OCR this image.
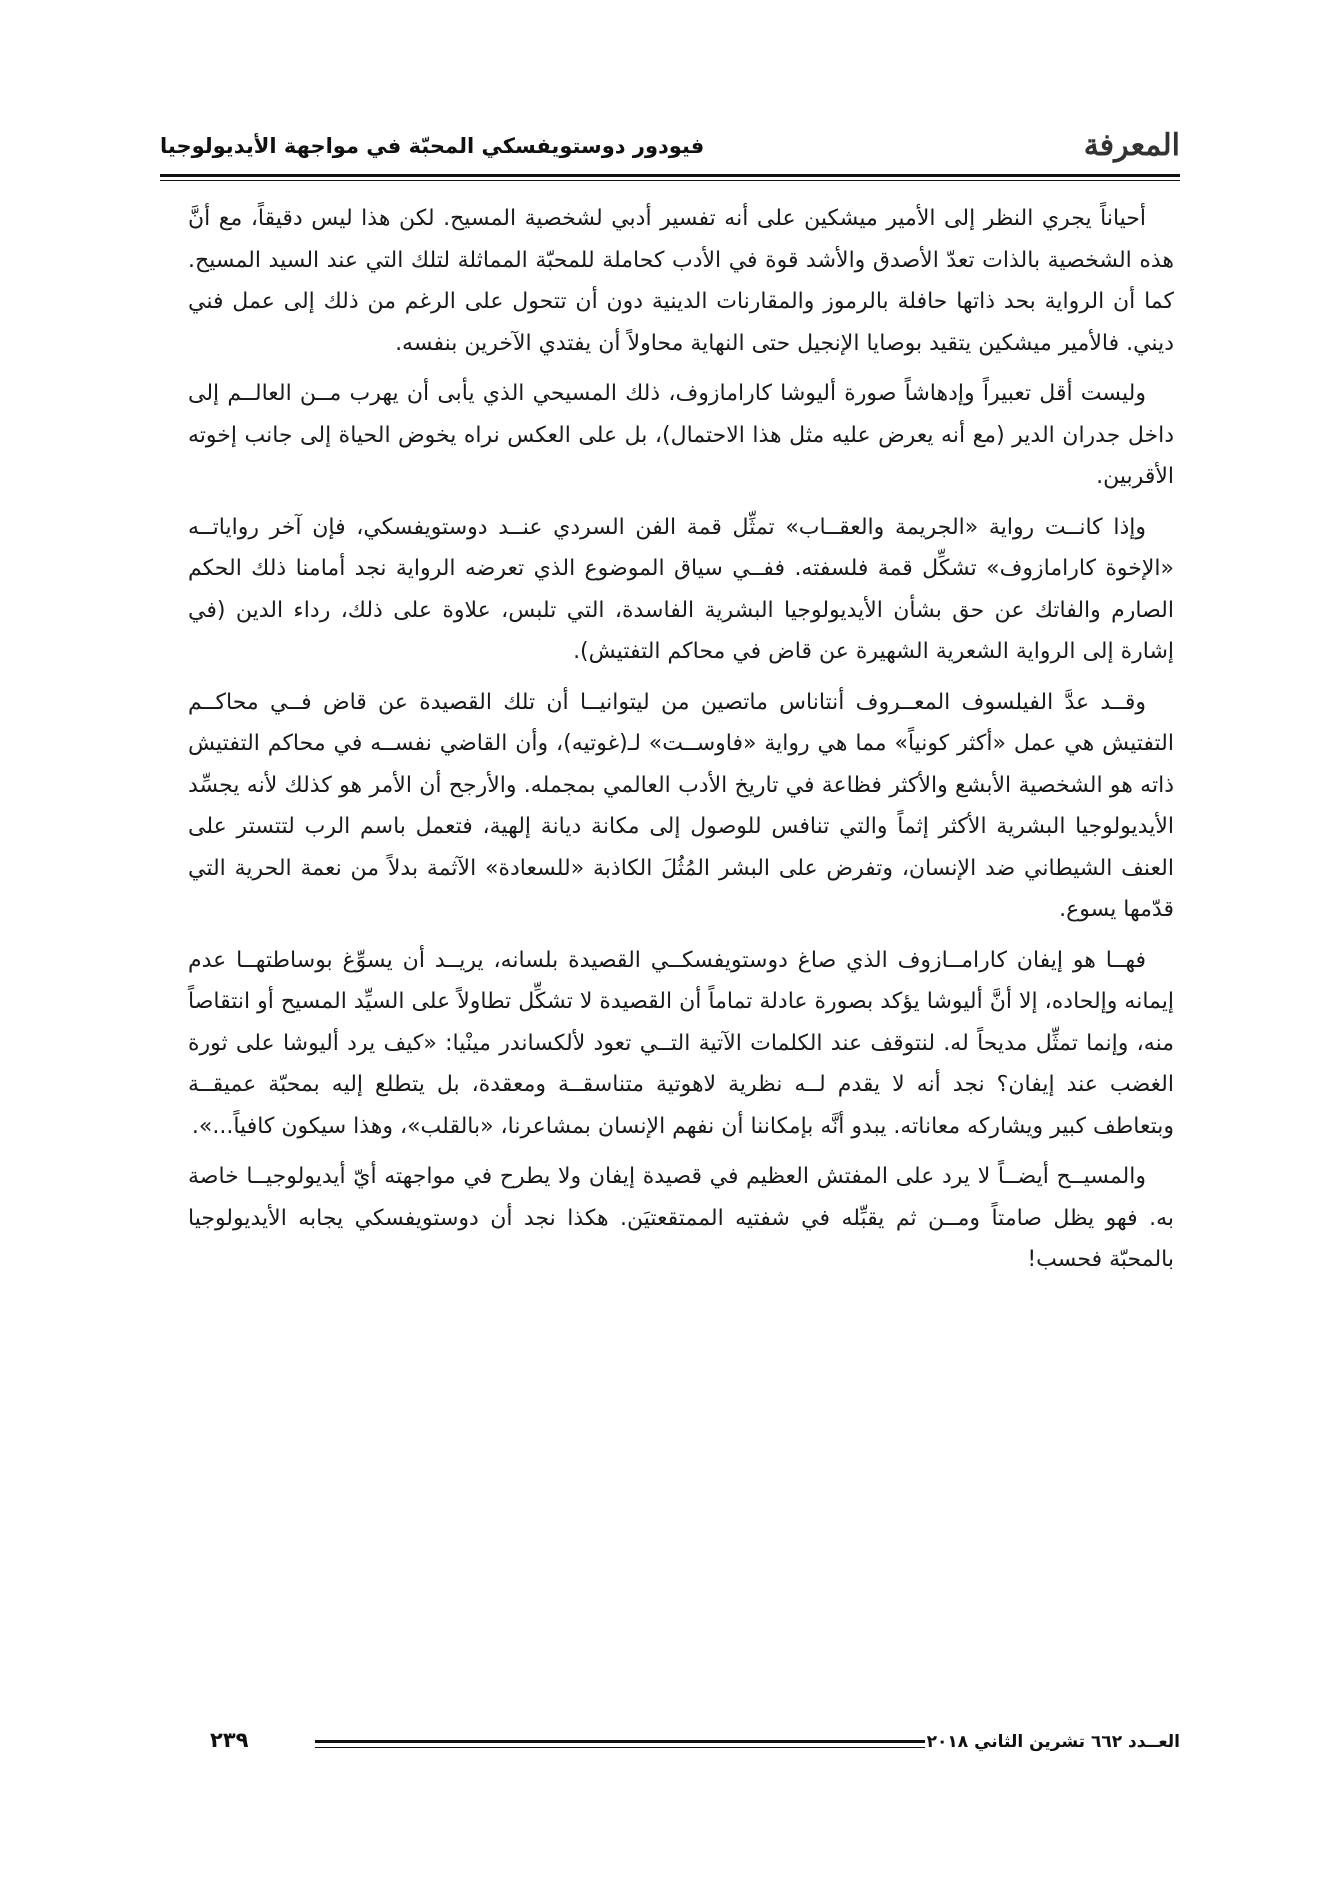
المعرفة
فيودور دوستويفسكي المحبّة في مواجهة الأيديولوجيا

أحياناً يجري النظر إلى الأمير ميشكين على أنه تفسير أدبي لشخصية المسيح. لكن هذا ليس دقيقاً، مع أنَّ هذه الشخصية بالذات تعدّ الأصدق والأشد قوة في الأدب كحاملة للمحبّة المماثلة لتلك التي عند السيد المسيح. كما أن الرواية بحد ذاتها حافلة بالرموز والمقارنات الدينية دون أن تتحول على الرغم من ذلك إلى عمل فني ديني. فالأمير ميشكين يتقيد بوصايا الإنجيل حتى النهاية محاولاً أن يفتدي الآخرين بنفسه.

وليست أقل تعبيراً وإدهاشاً صورة أليوشا كارامازوف، ذلك المسيحي الذي يأبى أن يهرب مــن العالــم إلى داخل جدران الدير (مع أنه يعرض عليه مثل هذا الاحتمال)، بل على العكس نراه يخوض الحياة إلى جانب إخوته الأقربين.

وإذا كانــت رواية «الجريمة والعقــاب» تمثِّل قمة الفن السردي عنــد دوستويفسكي، فإن آخر رواياتــه «الإخوة كارامازوف» تشكِّل قمة فلسفته. ففــي سياق الموضوع الذي تعرضه الرواية نجد أمامنا ذلك الحكم الصارم والفاتك عن حق بشأن الأيديولوجيا البشرية الفاسدة، التي تلبس، علاوة على ذلك، رداء الدين (في إشارة إلى الرواية الشعرية الشهيرة عن قاض في محاكم التفتيش).

وقــد عدَّ الفيلسوف المعــروف أنتاناس ماتصين من ليتوانيــا أن تلك القصيدة عن قاض فــي محاكــم التفتيش هي عمل «أكثر كونياً» مما هي رواية «فاوســت» لـ(غوتيه)، وأن القاضي نفســه في محاكم التفتيش ذاته هو الشخصية الأبشع والأكثر فظاعة في تاريخ الأدب العالمي بمجمله. والأرجح أن الأمر هو كذلك لأنه يجسِّد الأيديولوجيا البشرية الأكثر إثماً والتي تنافس للوصول إلى مكانة ديانة إلهية، فتعمل باسم الرب لتتستر على العنف الشيطاني ضد الإنسان، وتفرض على البشر المُثُلَ الكاذبة «للسعادة» الآثمة بدلاً من نعمة الحرية التي قدّمها يسوع.

فهــا هو إيفان كارامــازوف الذي صاغ دوستويفسكــي القصيدة بلسانه، يريــد أن يسوِّغ بوساطتهــا عدم إيمانه وإلحاده، إلا أنَّ أليوشا يؤكد بصورة عادلة تماماً أن القصيدة لا تشكِّل تطاولاً على السيِّد المسيح أو انتقاصاً منه، وإنما تمثِّل مديحاً له. لنتوقف عند الكلمات الآتية التــي تعود لألكساندر مينْيا: «كيف يرد أليوشا على ثورة الغضب عند إيفان؟ نجد أنه لا يقدم لــه نظرية لاهوتية متناسقــة ومعقدة، بل يتطلع إليه بمحبّة عميقــة وبتعاطف كبير ويشاركه معاناته. يبدو أنَّه بإمكاننا أن نفهم الإنسان بمشاعرنا، «بالقلب»، وهذا سيكون كافياً...».

والمسيــح أيضــاً لا يرد على المفتش العظيم في قصيدة إيفان ولا يطرح في مواجهته أيّ أيديولوجيــا خاصة به. فهو يظل صامتاً ومــن ثم يقبِّله في شفتيه الممتقعتيَن. هكذا نجد أن دوستويفسكي يجابه الأيديولوجيا بالمحبّة فحسب!

العــدد ٦٦٢ تشرين الثاني ٢٠١٨
٢٣٩
